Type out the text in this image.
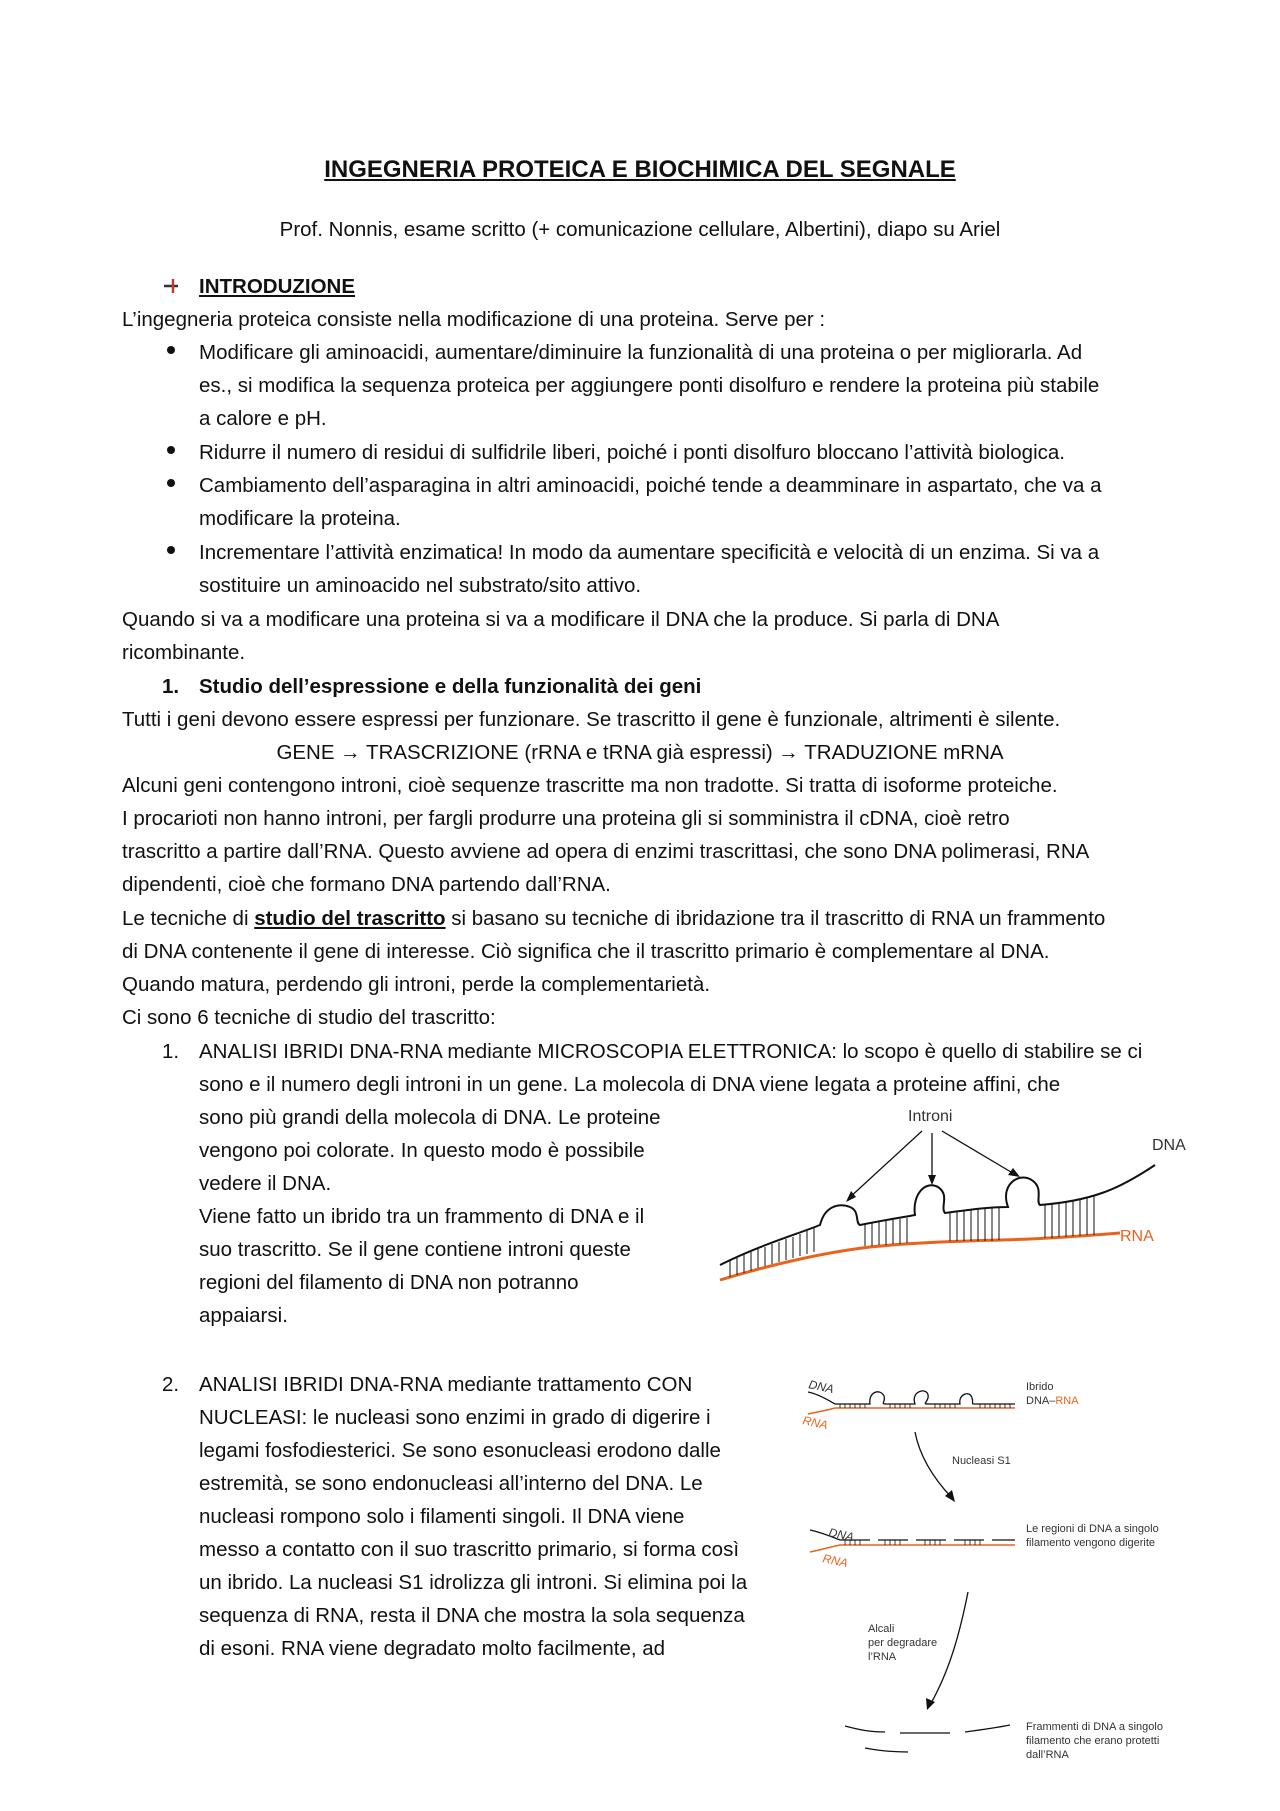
INGEGNERIA PROTEICA E BIOCHIMICA DEL SEGNALE
Prof. Nonnis, esame scritto (+ comunicazione cellulare, Albertini), diapo su Ariel
INTRODUZIONE
L’ingegneria proteica consiste nella modificazione di una proteina. Serve per :
Modificare gli aminoacidi, aumentare/diminuire la funzionalità di una proteina o per migliorarla. Ad
es., si modifica la sequenza proteica per aggiungere ponti disolfuro e rendere la proteina più stabile
a calore e pH.
Ridurre il numero di residui di sulfidrile liberi, poiché i ponti disolfuro bloccano l’attività biologica.
Cambiamento dell’asparagina in altri aminoacidi, poiché tende a deamminare in aspartato, che va a
modificare la proteina.
Incrementare l’attività enzimatica! In modo da aumentare specificità e velocità di un enzima. Si va a
sostituire un aminoacido nel substrato/sito attivo.
Quando si va a modificare una proteina si va a modificare il DNA che la produce. Si parla di DNA
ricombinante.
1. Studio dell’espressione e della funzionalità dei geni
Tutti i geni devono essere espressi per funzionare. Se trascritto il gene è funzionale, altrimenti è silente.
GENE → TRASCRIZIONE (rRNA e tRNA già espressi) → TRADUZIONE mRNA
Alcuni geni contengono introni, cioè sequenze trascritte ma non tradotte. Si tratta di isoforme proteiche.
I procarioti non hanno introni, per fargli produrre una proteina gli si somministra il cDNA, cioè retro
trascritto a partire dall’RNA. Questo avviene ad opera di enzimi trascrittasi, che sono DNA polimerasi, RNA
dipendenti, cioè che formano DNA partendo dall’RNA.
Le tecniche di studio del trascritto si basano su tecniche di ibridazione tra il trascritto di RNA un frammento
di DNA contenente il gene di interesse. Ciò significa che il trascritto primario è complementare al DNA.
Quando matura, perdendo gli introni, perde la complementarietà.
Ci sono 6 tecniche di studio del trascritto:
1. ANALISI IBRIDI DNA-RNA mediante MICROSCOPIA ELETTRONICA: lo scopo è quello di stabilire se ci
sono e il numero degli introni in un gene. La molecola di DNA viene legata a proteine affini, che
sono più grandi della molecola di DNA. Le proteine
vengono poi colorate. In questo modo è possibile
vedere il DNA.
Viene fatto un ibrido tra un frammento di DNA e il
suo trascritto. Se il gene contiene introni queste
regioni del filamento di DNA non potranno
appaiarsi.
Introni
DNA
RNA
2. ANALISI IBRIDI DNA-RNA mediante trattamento CON
NUCLEASI: le nucleasi sono enzimi in grado di digerire i
legami fosfodiesterici. Se sono esonucleasi erodono dalle
estremità, se sono endonucleasi all’interno del DNA. Le
nucleasi rompono solo i filamenti singoli. Il DNA viene
messo a contatto con il suo trascritto primario, si forma così
un ibrido. La nucleasi S1 idrolizza gli introni. Si elimina poi la
sequenza di RNA, resta il DNA che mostra la sola sequenza
di esoni. RNA viene degradato molto facilmente, ad
DNA
RNA
Ibrido
DNA–RNA
Nucleasi S1
DNA
RNA
Le regioni di DNA a singolo
filamento vengono digerite
Alcali
per degradare
l’RNA
Frammenti di DNA a singolo
filamento che erano protetti
dall’RNA
